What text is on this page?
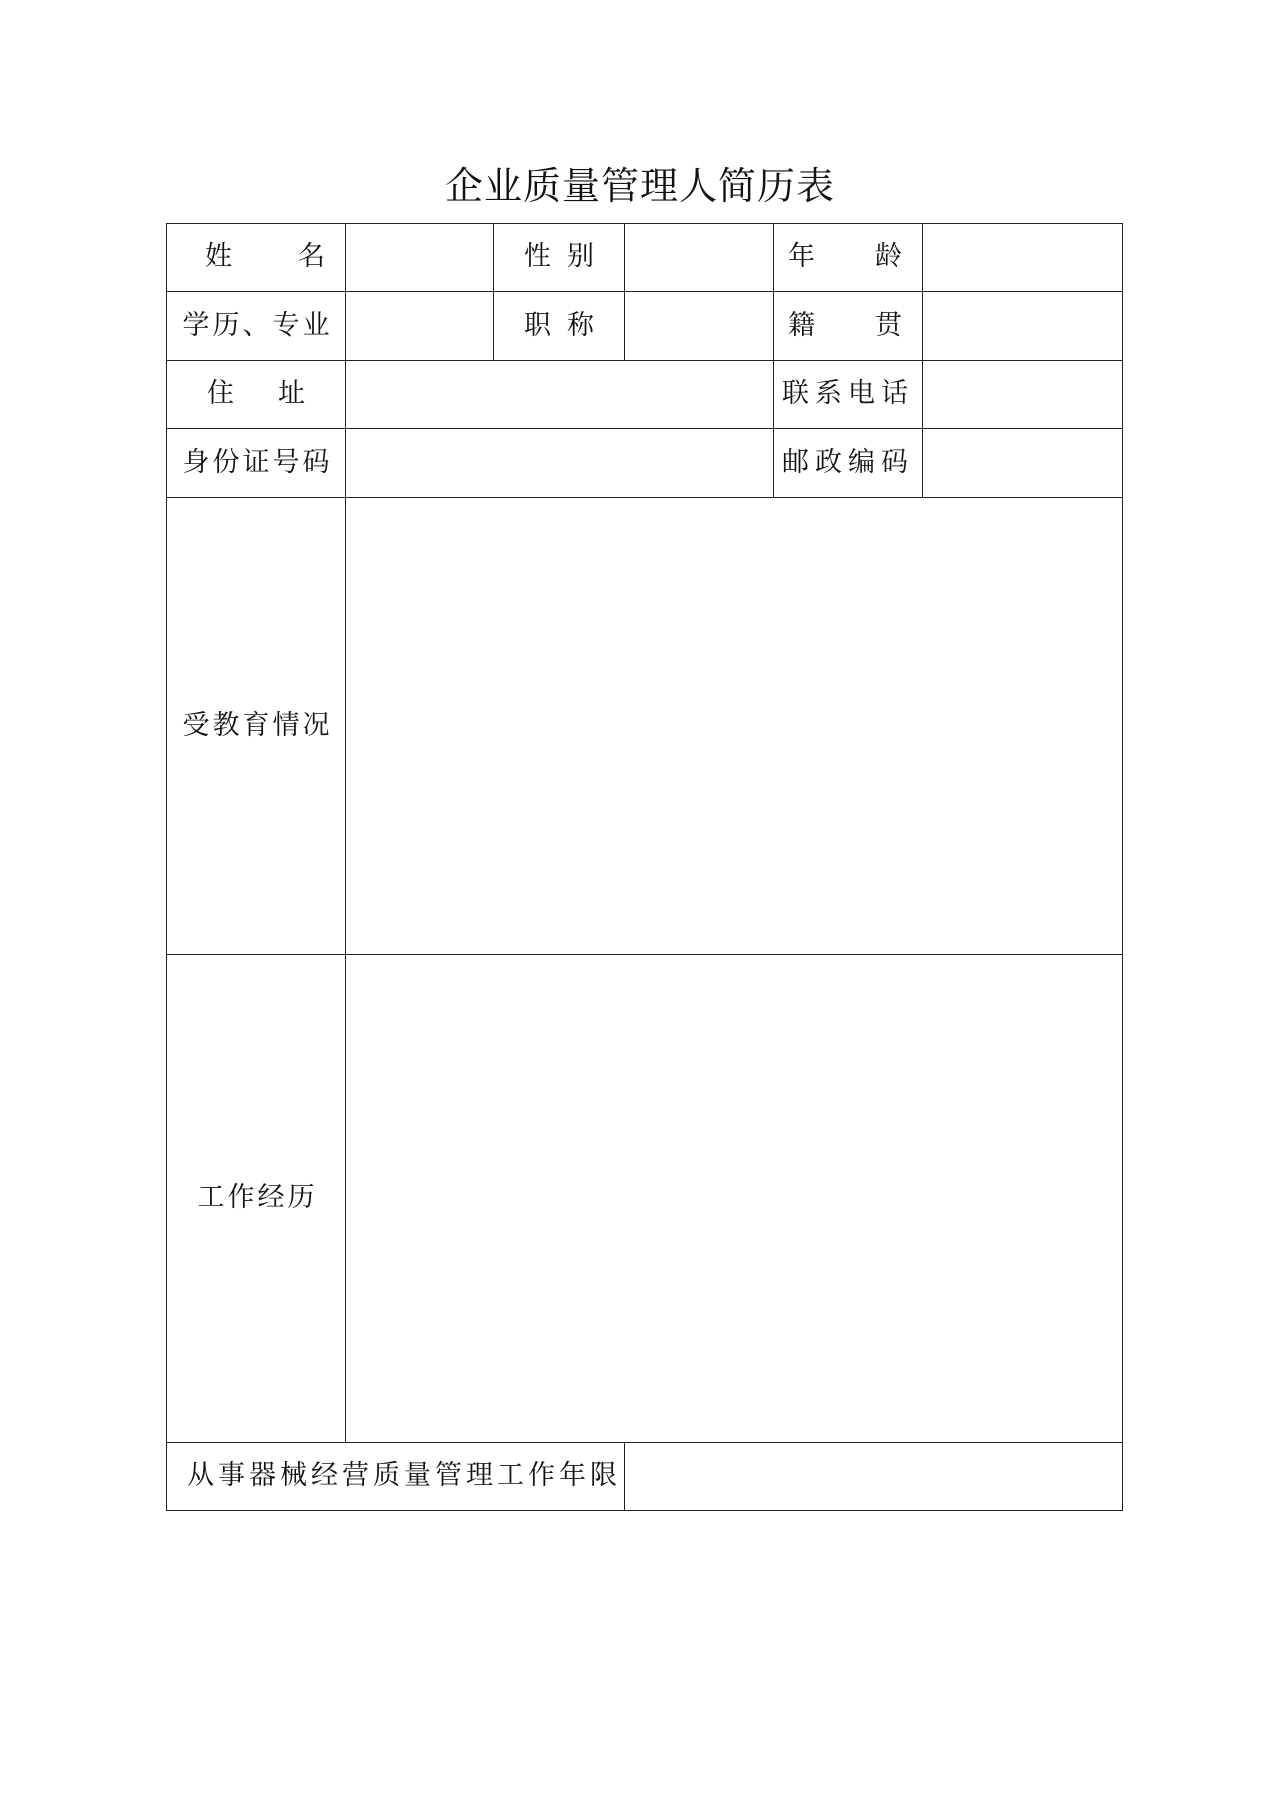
企业质量管理人简历表
姓 名		性 别		年 龄	

学历、专业		职 称		籍 贯	

住 址				联系电话	
身份证号码				邮政编码	
受教育情况					
工作经历					
从事器械经营质量管理工作年限					
